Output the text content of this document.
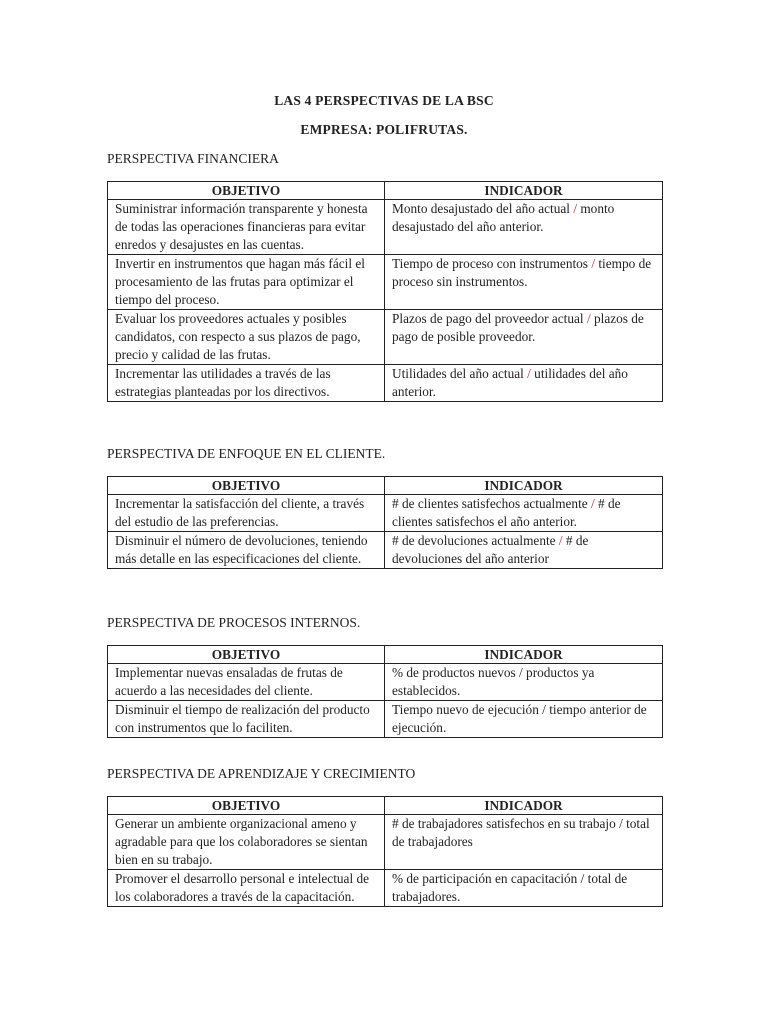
LAS 4 PERSPECTIVAS DE LA BSC
EMPRESA: POLIFRUTAS.
PERSPECTIVA FINANCIERA
OBJETIVO	INDICADOR
Suministrar información transparente y honesta de todas las operaciones financieras para evitar enredos y desajustes en las cuentas.	Monto desajustado del año actual / monto desajustado del año anterior.
Invertir en instrumentos que hagan más fácil el procesamiento de las frutas para optimizar el tiempo del proceso.	Tiempo de proceso con instrumentos / tiempo de proceso sin instrumentos.
Evaluar los proveedores actuales y posibles candidatos, con respecto a sus plazos de pago, precio y calidad de las frutas.	Plazos de pago del proveedor actual / plazos de pago de posible proveedor.
Incrementar las utilidades a través de las estrategias planteadas por los directivos.	Utilidades del año actual / utilidades del año anterior.
PERSPECTIVA DE ENFOQUE EN EL CLIENTE.
OBJETIVO	INDICADOR
Incrementar la satisfacción del cliente, a través del estudio de las preferencias.	# de clientes satisfechos actualmente / # de clientes satisfechos el año anterior.
Disminuir el número de devoluciones, teniendo más detalle en las especificaciones del cliente.	# de devoluciones actualmente / # de devoluciones del año anterior
PERSPECTIVA DE PROCESOS INTERNOS.
OBJETIVO	INDICADOR
Implementar nuevas ensaladas de frutas de acuerdo a las necesidades del cliente.	% de productos nuevos / productos ya establecidos.
Disminuir el tiempo de realización del producto con instrumentos que lo faciliten.	Tiempo nuevo de ejecución / tiempo anterior de ejecución.
PERSPECTIVA DE APRENDIZAJE Y CRECIMIENTO
OBJETIVO	INDICADOR
Generar un ambiente organizacional ameno y agradable para que los colaboradores se sientan bien en su trabajo.	# de trabajadores satisfechos en su trabajo / total de trabajadores
Promover el desarrollo personal e intelectual de los colaboradores a través de la capacitación.	% de participación en capacitación / total de trabajadores.
